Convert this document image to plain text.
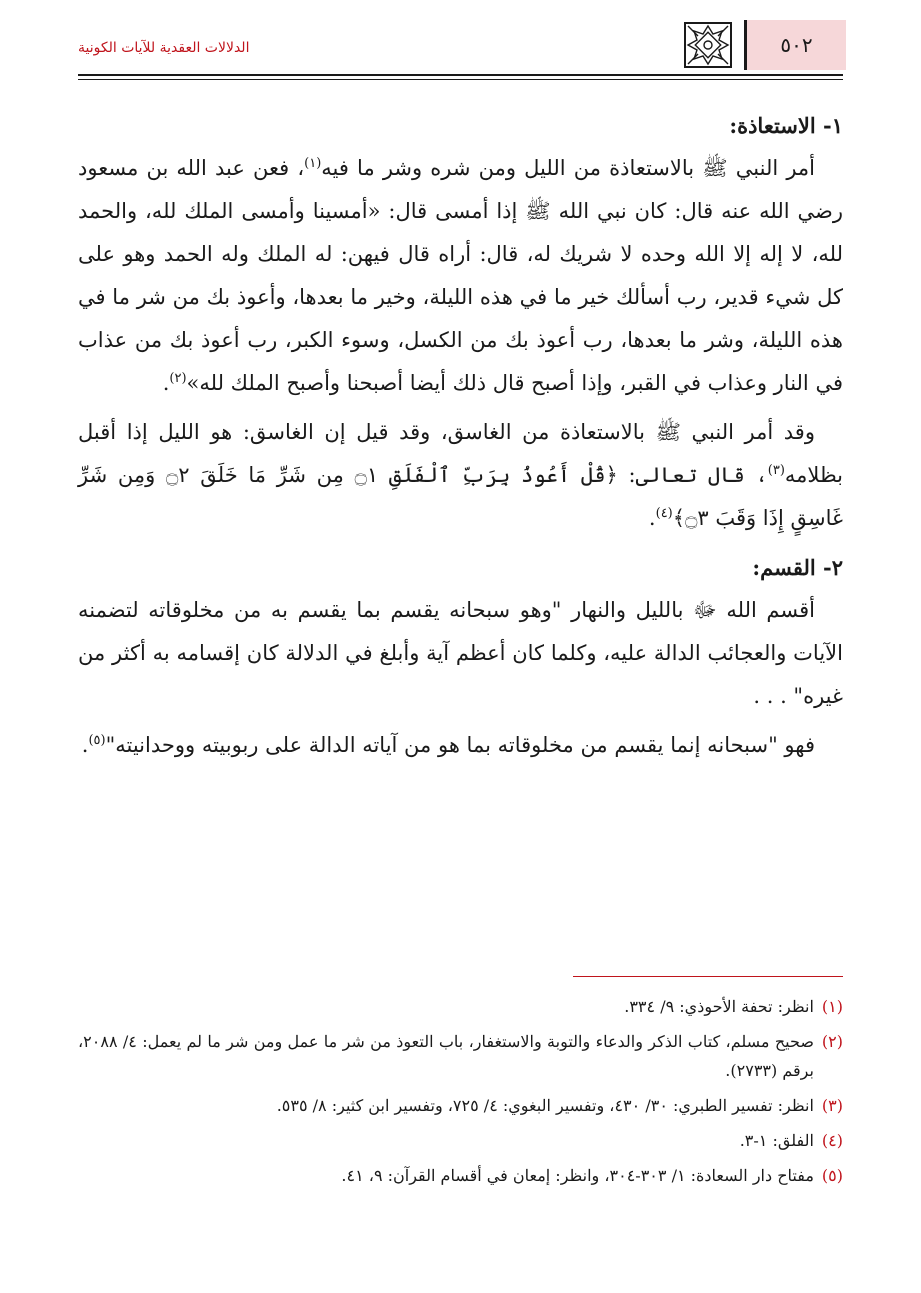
الدلالات العقدية للآيات الكونية	٥٠٢
١- الاستعاذة:

أمر النبي ﷺ بالاستعاذة من الليل ومن شره وشر ما فيه$^{(١)}$، فعن عبد الله بن مسعود رضي الله عنه قال: كان نبي الله ﷺ إذا أمسى قال: «أمسينا وأمسى الملك لله، والحمد لله، لا إله إلا الله وحده لا شريك له، قال: أراه قال فيهن: له الملك وله الحمد وهو على كل شيء قدير، رب أسألك خير ما في هذه الليلة، وخير ما بعدها، وأعوذ بك من شر ما في هذه الليلة، وشر ما بعدها، رب أعوذ بك من الكسل، وسوء الكبر، رب أعوذ بك من عذاب في النار وعذاب في القبر، وإذا أصبح قال ذلك أيضا أصبحنا وأصبح الملك لله»$^{(٢)}$.

وقد أمر النبي ﷺ بالاستعاذة من الغاسق، وقد قيل إن الغاسق: هو الليل إذا أقبل بظلامه$^{(٣)}$، قال تعالى: ﴿قُلْ أَعُوذُ بِرَبِّ ٱلْفَلَقِ ۝١ مِن شَرِّ مَا خَلَقَ ۝٢ وَمِن شَرِّ غَاسِقٍ إِذَا وَقَبَ ۝٣﴾$^{(٤)}$.

٢- القسم:

أقسم الله ﷻ بالليل والنهار "وهو سبحانه يقسم بما يقسم به من مخلوقاته لتضمنه الآيات والعجائب الدالة عليه، وكلما كان أعظم آية وأبلغ في الدلالة كان إقسامه به أكثر من غيره" . . .

فهو "سبحانه إنما يقسم من مخلوقاته بما هو من آياته الدالة على ربوبيته ووحدانيته"$^{(٥)}$.

(١)
انظر: تحفة الأحوذي: ٩/ ٣٣٤.
(٢)
صحيح مسلم، كتاب الذكر والدعاء والتوبة والاستغفار، باب التعوذ من شر ما عمل ومن شر ما لم يعمل: ٤/ ٢٠٨٨، برقم (٢٧٣٣).
(٣)
انظر: تفسير الطبري: ٣٠/ ٤٣٠، وتفسير البغوي: ٤/ ٧٢٥، وتفسير ابن كثير: ٨/ ٥٣٥.
(٤)
الفلق: ١-٣.
(٥)
مفتاح دار السعادة: ١/ ٣٠٣-٣٠٤، وانظر: إمعان في أقسام القرآن: ٩، ٤١.
